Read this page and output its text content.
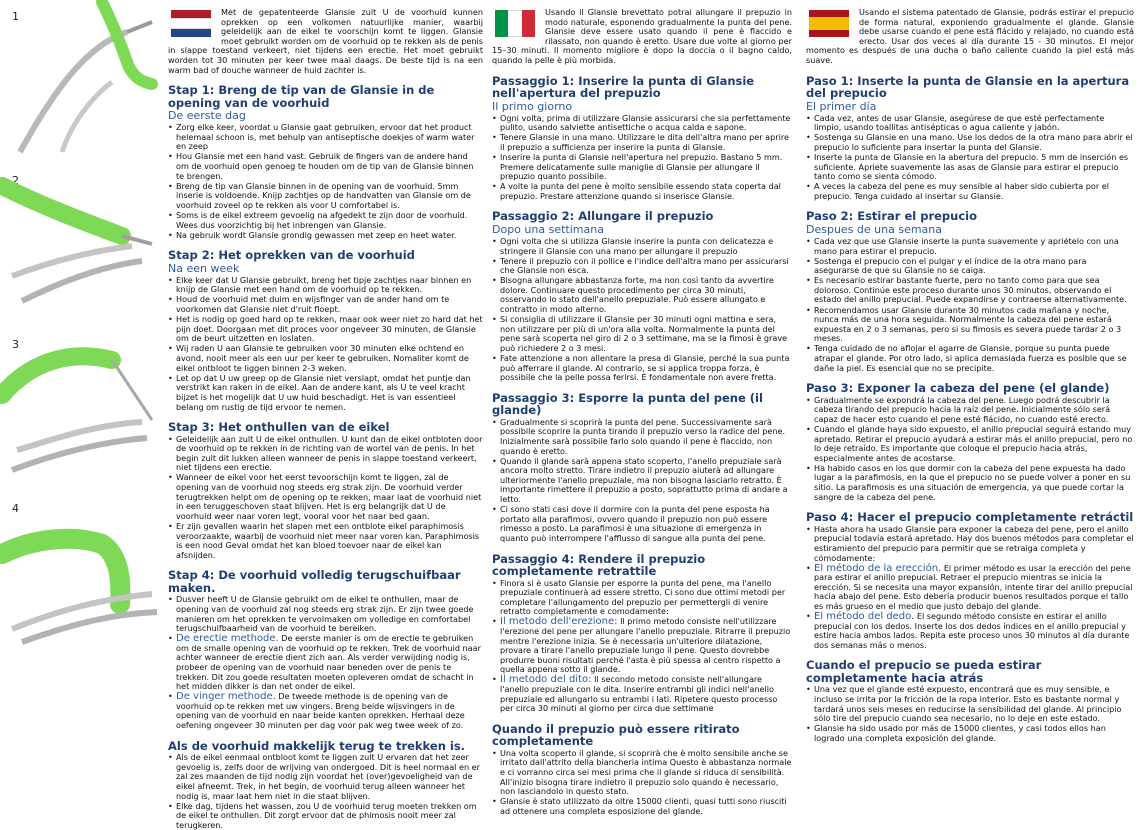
1
2
3
4

Met de gepatenteerde Glansie zult U de voorhuid kunnen oprekken op een volkomen natuurlijke manier, waarbij geleidelijk aan de eikel te voorschijn komt te liggen. Glansie moet gebruikt worden om de voorhuid op te rekken als de penis in slappe toestand verkeert, niet tijdens een erectie. Het moet gebruikt worden tot 30 minuten per keer twee maal daags. De beste tijd is na een warm bad of douche wanneer de huid zachter is.

Stap 1: Breng de tip van de Glansie in de opening van de voorhuid
De eerste dag
• Zorg elke keer, voordat u Glansie gaat gebruiken, ervoor dat het product helemaal schoon is, met behulp van antiseptische doekjes of warm water en zeep
• Hou Glansie met een hand vast. Gebruik de fingers van de andere hand om de voorhuid open genoeg te houden om de tip van de Glansie binnen te brengen.
• Breng de tip van Glansie binnen in de opening van de voorhuid. 5mm inserie is voldoende. Knijp zachtjes op de handvatten van Glansie om de voorhuid zoveel op te rekken als voor U comfortabel is.
• Soms is de eikel extreem gevoelig na afgedekt te zijn door de voorhuid. Wees dus voorzichtig bij het inbrengen van Glansie.
• Na gebruik wordt Glansie grondig gewassen met zeep en heet water.
Stap 2: Het oprekken van de voorhuid
Na een week
• Elke keer dat U Glansie gebruikt, breng het tipje zachtjes naar binnen en knijp de Glansie met een hand om de voorhuid op te rekken.
• Houd de voorhuid met duim en wijsfinger van de ander hand om te voorkomen dat Glansie niet d'ruit floept.
• Het is nodig op goed hard op te rekken, maar ook weer niet zo hard dat het pijn doet. Doorgaan met dit proces voor ongeveer 30 minuten, de Glansie om de beurt uitzetten en loslaten.
• Wij raden U aan Glansie te gebruiken voor 30 minuten elke ochtend en avond, nooit meer als een uur per keer te gebruiken. Nomaliter komt de eikel ontbloot te liggen binnen 2-3 weken.
• Let op dat U uw greep op de Glansie niet verslapt, omdat het puntje dan verstrikt kan raken in de eikel. Aan de andere kant, als U te veel kracht bijzet is het mogelijk dat U uw huid beschadigt. Het is van essentieel belang om rustig de tijd ervoor te nemen.
Stap 3: Het onthullen van de eikel
• Geleidelijk aan zult U de eikel onthullen. U kunt dan de eikel ontbloten door de voorhuid op te rekken in de richting van de wortel van de penis. In het begin zult dit lukken alleen wanneer de penis in slappe toestand verkeert, niet tijdens een erectie.
• Wanneer de eikel voor het eerst tevoorschijn komt te liggen, zal de opening van de voorhuid nog steeds erg strak zijn. De voorhuid verder terugtrekken helpt om de opening op te rekken, maar laat de voorhuid niet in een teruggeschoven staat blijven. Het is erg belangrijk dat U de voorhuid weer naar voren legt, vooral voor het naar bed gaan.
• Er zijn gevallen waarin het slapen met een ontblote eikel paraphimosis veroorzaakte, waarbij de voorhuid niet meer naar voren kan. Paraphimosis is een nood Geval omdat het kan bloed toevoer naar de eikel kan afsnijden.
Stap 4: De voorhuid volledig terugschuifbaar maken.
• Dusver heeft U de Glansie gebruikt om de eikel te onthullen, maar de opening van de voorhuid zal nog steeds erg strak zijn. Er zijn twee goede manieren om het oprekken te vervolmaken om volledige en comfortabel terugschuifbaarheid van de voorhuid te bereiken.
• De erectie methode. De eerste manier is om de erectie te gebruiken om de smalle opening van de voorhuid op te rekken. Trek de voorhuid naar achter wanneer de erectie dient zich aan. Als verder verwijding nodig is, probeer de opening van de voorhuid naar beneden over de penis te trekken. Dit zou goede resultaten moeten opleveren omdat de schacht in het midden dikker is dan net onder de eikel.
• De vinger methode. De tweede methode is de opening van de voorhuid op te rekken met uw vingers. Breng beide wijsvingers in de opening van de voorhuid en naar beide kanten oprekken. Herhaal deze oefening ongeveer 30 minuten per dag voor pak weg twee week of zo.
Als de voorhuid makkelijk terug te trekken is.
• Als de eikel eenmaal ontbloot komt te liggen zult U ervaren dat het zeer gevoelig is, zelfs door de wrijving van ondergoed. Dit is heel normaal en er zal zes maanden de tijd nodig zijn voordat het (over)gevoeligheid van de eikel afneemt. Trek, in het begin, de voorhuid terug alleen wanneer het nodig is, maar laat hem niet in die staat blijven.
• Elke dag, tijdens het wassen, zou U de voorhuid terug moeten trekken om de eikel te onthullen. Dit zorgt ervoor dat de phimosis nooit meer zal terugkeren.

Usando il Glansie brevettato potrai allungare il prepuzio in modo naturale, esponendo gradualmente la punta del pene. Glansie deve essere usato quando il pene è flaccido e rilassato, non quando è eretto. Usare due volte al giorno per 15–30 minuti. Il momento migliore è dopo la doccia o il bagno caldo, quando la pelle è più morbida.

Passaggio 1: Inserire la punta di Glansie nell'apertura del prepuzio
Il primo giorno
• Ogni volta, prima di utilizzare Glansie assicurarsi che sia perfettamente pulito, usando salviette antisettiche o acqua calda e sapone.
• Tenere Glansie in una mano. Utilizzare le dita dell'altra mano per aprire il prepuzio a sufficienza per inserire la punta di Glansie.
• Inserire la punta di Glansie nell'apertura nel prepuzio. Bastano 5 mm. Premere delicatamente sulle maniglie di Glansie per allungare il prepuzio quanto possibile.
• A volte la punta del pene è molto sensibile essendo stata coperta dal prepuzio. Prestare attenzione quando si inserisce Glansie.
Passaggio 2: Allungare il prepuzio
Dopo una settimana
• Ogni volta che si utilizza Glansie inserire la punta con delicatezza e stringere il Glansie con una mano per allungare il prepuzio
• Tenere il prepuzio con il pollice e l'indice dell'altra mano per assicurarsi che Glansie non esca.
• Bisogna allungare abbastanza forte, ma non così tanto da avvertire dolore. Continuare questo procedimento per circa 30 minuti, osservando lo stato dell'anello prepuziale. Può essere allungato e contratto in modo alterno.
• Si consiglia di utilizzare il Glansie per 30 minuti ogni mattina e sera, non utilizzare per più di un'ora alla volta. Normalmente la punta del pene sarà scoperta nel giro di 2 o 3 settimane, ma se la fimosi è grave può richiedere 2 o 3 mesi.
• Fate attenzione a non allentare la presa di Glansie, perché la sua punta può afferrare il glande. Al contrario, se si applica troppa forza, è possibile che la pelle possa ferirsi. È fondamentale non avere fretta.
Passaggio 3: Esporre la punta del pene (il glande)
• Gradualmente si scoprirà la punta del pene. Successivamente sarà possibile scoprire la punta tirando il prepuzio verso la radice del pene. Inizialmente sarà possibile farlo solo quando il pene è flaccido, non quando è eretto.
• Quando il glande sarà appena stato scoperto, l'anello prepuziale sarà ancora molto stretto. Tirare indietro il prepuzio aiuterà ad allungare ulteriormente l'anello prepuziale, ma non bisogna lasciarlo retratto. È importante rimettere il prepuzio a posto, soprattutto prima di andare a letto.
• Ci sono stati casi dove il dormire con la punta del pene esposta ha portato alla parafimosi, ovvero quando il prepuzio non può essere rimesso a posto. La parafimosi è una situazione di emergenza in quanto può interrompere l'afflusso di sangue alla punta del pene.
Passaggio 4: Rendere il prepuzio completamente retrattile
• Finora si è usato Glansie per esporre la punta del pene, ma l'anello prepuziale continuerà ad essere stretto. Ci sono due ottimi metodi per completare l'allungamento del prepuzio per permettergli di venire retratto completamente e comodamente:
• Il metodo dell'erezione: Il primo metodo consiste nell'utilizzare l'erezione del pene per allungare l'anello prepuziale. Ritrarre il prepuzio mentre l'erezione inizia. Se è necessaria un'ulteriore dilatazione, provare a tirare l'anello prepuziale lungo il pene. Questo dovrebbe produrre buoni risultati perché l'asta è più spessa al centro rispetto a quella appena sotto il glande.
• Il metodo del dito: Il secondo metodo consiste nell'allungare l'anello prepuziale con le dita. Inserire entrambi gli indici nell'anello prepuziale ed allungarlo su entrambi i lati. Ripetere questo processo per circa 30 minuti al giorno per circa due settimane
Quando il prepuzio può essere ritirato completamente
• Una volta scoperto il glande, si scoprirà che è molto sensibile anche se irritato dall'attrito della biancheria intima Questo è abbastanza normale e ci vorranno circa sei mesi prima che il glande si riduca di sensibilità. All'inizio bisogna tirare indietro il prepuzio solo quando è necessario, non lasciandolo in questo stato.
• Glansie è stato utilizzato da oltre 15000 clienti, quasi tutti sono riusciti ad ottenere una completa esposizione del glande.

Usando el sistema patentado de Glansie, podrás estirar el prepucio de forma natural, exponiendo gradualmente el glande. Glansie debe usarse cuando el pene está flácido y relajado, no cuando está erecto. Usar dos veces al día durante 15 - 30 minutos. El mejor momento es después de una ducha o baño caliente cuando la piel está más suave.

Paso 1: Inserte la punta de Glansie en la apertura del prepucio
El primer día
• Cada vez, antes de usar Glansie, asegúrese de que esté perfectamente limpio, usando toallitas antisépticas o agua caliente y jabón.
• Sostenga su Glansie en una mano. Use los dedos de la otra mano para abrir el prepucio lo suficiente para insertar la punta del Glansie.
• Inserte la punta de Glansie en la abertura del prepucio. 5 mm de inserción es suficiente. Apriete suavemente las asas de Glansie para estirar el prepucio tanto como se sienta cómodo.
• A veces la cabeza del pene es muy sensible al haber sido cubierta por el prepucio. Tenga cuidado al insertar su Glansie.
Paso 2: Estirar el prepucio
Despues de una semana
• Cada vez que use Glansie inserte la punta suavemente y apriételo con una mano para estirar el prepucio.
• Sostenga el prepucio con el pulgar y el índice de la otra mano para asegurarse de que su Glansie no se caiga.
• Es necesario estirar bastante fuerte, pero no tanto como para que sea doloroso. Continúe este proceso durante unos 30 minutos, observando el estado del anillo prepucial. Puede expandirse y contraerse alternativamente.
• Recomendamos usar Glansie durante 30 minutos cada mañana y noche, nunca más de una hora seguida. Normalmente la cabeza del pene estará expuesta en 2 o 3 semanas, pero si su fimosis es severa puede tardar 2 o 3 meses.
• Tenga cuidado de no aflojar el agarre de Glansie, porque su punta puede atrapar el glande. Por otro lado, si aplica demasiada fuerza es posible que se dañe la piel. Es esencial que no se precipite.
Paso 3: Exponer la cabeza del pene (el glande)
• Gradualmente se expondrá la cabeza del pene. Luego podrá descubrir la cabeza tirando del prepucio hacia la raíz del pene. Inicialmente sólo será capaz de hacer esto cuando el pene esté flácido, no cuando esté erecto.
• Cuando el glande haya sido expuesto, el anillo prepucial seguirá estando muy apretado. Retirar el prepucio ayudará a estirar más el anillo prepucial, pero no lo deje retraído. Es importante que coloque el prepucio hacia atrás, especialmente antes de acostarse.
• Ha habido casos en los que dormir con la cabeza del pene expuesta ha dado lugar a la parafimosis, en la que el prepucio no se puede volver a poner en su sitio. La parafimosis es una situación de emergencia, ya que puede cortar la sangre de la cabeza del pene.
Paso 4: Hacer el prepucio completamente retráctil
• Hasta ahora ha usado Glansie para exponer la cabeza del pene, pero el anillo prepucial todavía estará apretado. Hay dos buenos métodos para completar el estiramiento del prepucio para permitir que se retraiga completa y cómodamente:
• El método de la erección. El primer método es usar la erección del pene para estirar el anillo prepucial. Retraer el prepucio mientras se inicia la erección. Si se necesita una mayor expansión, intente tirar del anillo prepucial hacia abajo del pene. Esto debería producir buenos resultados porque el tallo es más grueso en el medio que justo debajo del glande.
• El método del dedo. El segundo método consiste en estirar el anillo prepucial con los dedos. Inserte los dos dedos índices en el anillo prepucial y estire hacia ambos lados. Repita este proceso unos 30 minutos al día durante dos semanas más o menos.
Cuando el prepucio se pueda estirar completamente hacia atrás
• Una vez que el glande esté expuesto, encontrará que es muy sensible, e incluso se irrita por la fricción de la ropa interior. Esto es bastante normal y tardará unos seis meses en reducirse la sensibilidad del glande. Al principio sólo tire del prepucio cuando sea necesario, no lo deje en este estado.
• Glansie ha sido usado por más de 15000 clientes, y casi todos ellos han logrado una completa exposición del glande.
